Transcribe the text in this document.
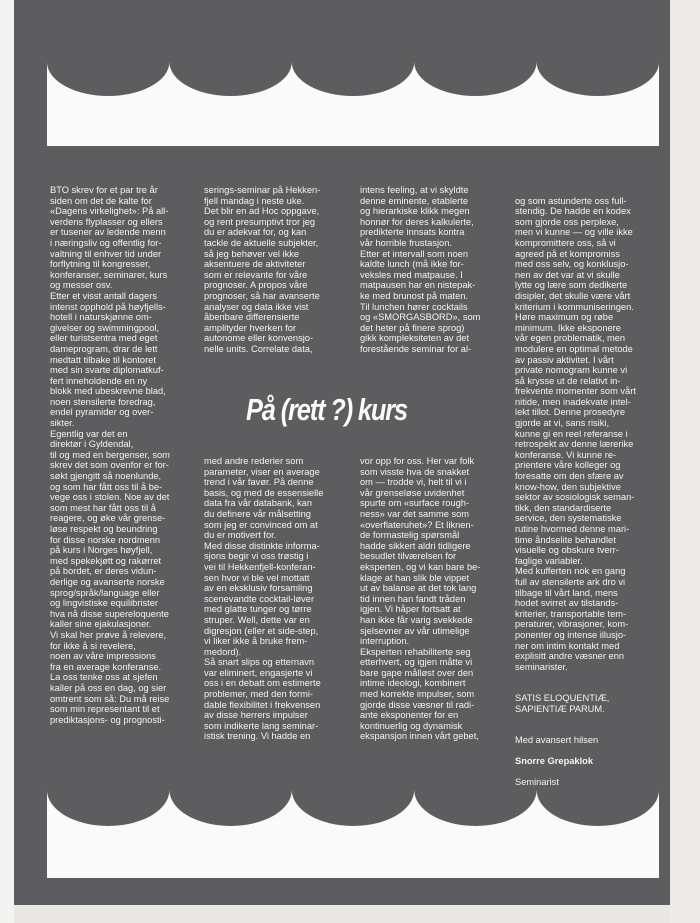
BTO skrev for et par tre år
siden om det de kalte for
«Dagens virkelighet»: På all-
verdens flyplasser og ellers
er tusener av ledende menn
i næringsliv og offentlig for-
valtning til enhver tid under
forflytning til kongresser,
konferanser, seminarer, kurs
og messer osv.
Etter et visst antall dagers
intenst opphold på høyfjells-
hotell i naturskjønne om-
givelser og swimmingpool,
eller turistsentra med eget
dameprogram, drar de lett
medtatt tilbake til kontoret
med sin svarte diplomatkuf-
fert inneholdende en ny
blokk med ubeskrevne blad,
noen stensilerte foredrag,
endel pyramider og over-
sikter.
Egentlig var det en
direktør i Gyldendal,
til og med en bergenser, som
skrev det som ovenfor er for-
søkt gjengitt så noenlunde,
og som har fått oss til å be-
vege oss i stolen. Noe av det
som mest har fått oss til å
reagere, og øke vår grense-
løse respekt og beundring
for disse norske nordmenn
på kurs i Norges høyfjell,
med spekekjøtt og rakørret
på bordet, er deres vidun-
derlige og avanserte norske
sprog/språk/language eller
og lingvistiske equilibrister
hva nå disse supereloquente
kaller sine ejakulasjoner.
Vi skal her prøve å relevere,
for ikke å si revelere,
noen av våre impressions
fra en average konferanse.
La oss tenke oss at sjefen
kaller på oss en dag, og sier
omtrent som så: Du må reise
som min representant til et
prediktasjons- og prognosti-
serings-seminar på Hekken-
fjell mandag i neste uke.
Det blir en ad Hoc oppgave,
og rent presumptivt tror jeg
du er adekvat for, og kan
tackle de aktuelle subjekter,
så jeg behøver vel ikke
aksentuere de aktiviteter
som er relevante for våre
prognoser. A propos våre
prognoser, så har avanserte
analyser og data ikke vist
åbenbare differensierte
amplityder hverken for
autonome eller konvensjo-
nelle units. Correlate data,
intens feeling, at vi skyldte
denne eminente, etablerte
og hierarkiske klikk megen
honnør for deres kalkulerte,
predikterte innsats kontra
vår horrible frustasjon.
Etter et intervall som noen
kaldte lunch (må ikke for-
veksles med matpause. I
matpausen har en nistepak-
ke med brunost på maten.
Til lunchen hører cocktails
og «SMORGASBORD», som
det heter på finere sprog)
gikk kompleksiteten av det
forestående seminar for al-
På (rett ?) kurs
med andre rederier som
parameter, viser en average
trend i vår favør. På denne
basis, og med de essensielle
data fra vår databank, kan
du definere vår målsetting
som jeg er convinced om at
du er motivert for.
Med disse distinkte informa-
sjons begir vi oss trøstig i
vei til Hekkenfjell-konferan-
sen hvor vi ble vel mottatt
av en eksklusiv forsamling
scenevandte cocktail-løver
med glatte tunger og tørre
struper. Well, dette var en
digresjon (eller et side-step,
vi liker ikke å bruke frem-
medord).
Så snart slips og etternavn
var eliminert, engasjerte vi
oss i en debatt om estimerte
problemer, med den formi-
dable flexibilitet i frekvensen
av disse herrers impulser
som indikerte lang seminar-
istisk trening. Vi hadde en
vor opp for oss. Her var folk
som visste hva de snakket
om — trodde vi, helt til vi i
vår grenseløse uvidenhet
spurte om «surface rough-
ness» var det samme som
«overflateruhet»? Et liknen-
de formastelig spørsmål
hadde sikkert aldri tidligere
besudlet tilværelsen for
eksperten, og vi kan bare be-
klage at han slik ble vippet
ut av balanse at det tok lang
tid innen han fandt tråden
igjen. Vi håper fortsatt at
han ikke får varig svekkede
sjelsevner av vår utimelige
interruption.
Eksperten rehabiliterte seg
etterhvert, og igjen måtte vi
bare gape målløst over den
intime ideologi, kombinert
med korrekte impulser, som
gjorde disse væsner til radi-
ante eksponenter for en
kontinuerlig og dynamisk
ekspansjon innen vårt gebet,

og som astunderte oss full-
stendig. De hadde en kodex
som gjorde oss perplexe,
men vi kunne — og ville ikke
kompromittere oss, så vi
agreed på et kompromiss
med oss selv, og konklusjo-
nen av det var at vi skulle
lytte og lære som dedikerte
disipler, det skulle være vårt
kriterium i kommuniseringen.
Høre maximum og røbe
minimum. Ikke eksponere
vår egen problematik, men
modulere en optimal metode
av passiv aktivitet. I vårt
private nomogram kunne vi
så krysse ut de relativt in-
frekvente momenter som vårt
nitide, men inadekvate intel-
lekt tillot. Denne prosedyre
gjorde at vi, sans risiki,
kunne gi en reel referanse i
retrospekt av denne lærerike
konferanse. Vi kunne re-
prientere våre kolleger og
foresatte om den sfære av
know-how, den subjektive
sektor av sosiologisk seman-
tikk, den standardiserte
service, den systematiske
rutine hvormed denne mari-
time åndselite behandlet
visuelle og obskure tverr-
faglige variabler.
Med kufferten nok en gang
full av stensilerte ark dro vi
tilbage til vårt land, mens
hodet svirret av tilstands-
kriterier, transportable tem-
peraturer, vibrasjoner, kom-
ponenter og intense illusjo-
ner om intim kontakt med
explisitt andre væsner enn
seminarister.

SATIS ELOQUENTIÆ,
SAPIENTIÆ PARUM.

Med avansert hilsen

Snorre Grepaklok

Seminarist
